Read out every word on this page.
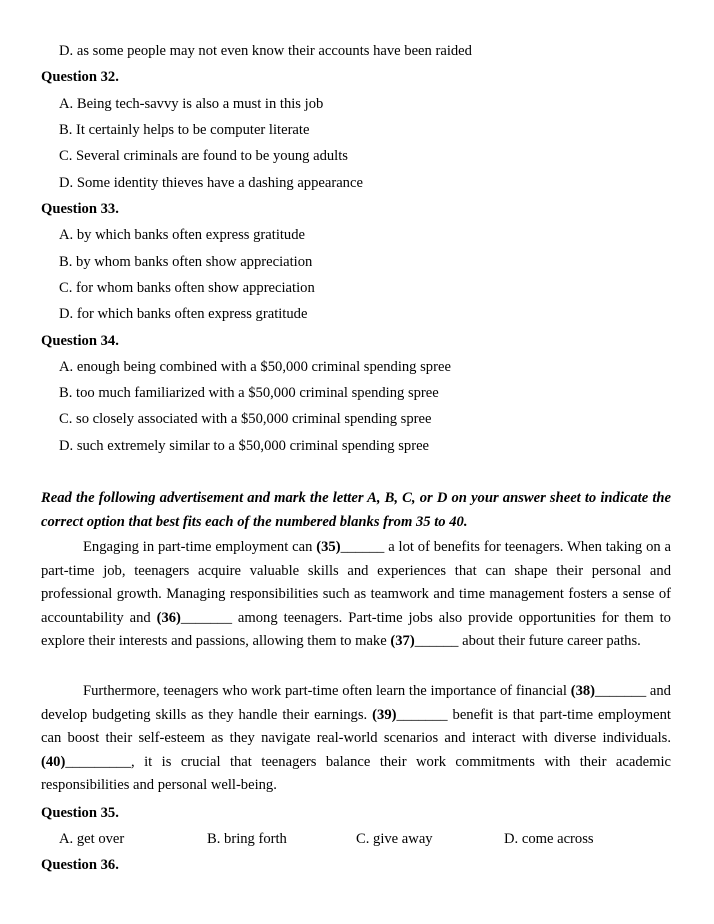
D. as some people may not even know their accounts have been raided
Question 32.
A. Being tech-savvy is also a must in this job
B. It certainly helps to be computer literate
C. Several criminals are found to be young adults
D. Some identity thieves have a dashing appearance
Question 33.
A. by which banks often express gratitude
B. by whom banks often show appreciation
C. for whom banks often show appreciation
D. for which banks often express gratitude
Question 34.
A. enough being combined with a $50,000 criminal spending spree
B. too much familiarized with a $50,000 criminal spending spree
C. so closely associated with a $50,000 criminal spending spree
D. such extremely similar to a $50,000 criminal spending spree
Read the following advertisement and mark the letter A, B, C, or D on your answer sheet to indicate the correct option that best fits each of the numbered blanks from 35 to 40.
Engaging in part-time employment can (35)______ a lot of benefits for teenagers. When taking on a part-time job, teenagers acquire valuable skills and experiences that can shape their personal and professional growth. Managing responsibilities such as teamwork and time management fosters a sense of accountability and (36)_______ among teenagers. Part-time jobs also provide opportunities for them to explore their interests and passions, allowing them to make (37)______ about their future career paths.
Furthermore, teenagers who work part-time often learn the importance of financial (38)_______ and develop budgeting skills as they handle their earnings. (39)_______ benefit is that part-time employment can boost their self-esteem as they navigate real-world scenarios and interact with diverse individuals. (40)_________, it is crucial that teenagers balance their work commitments with their academic responsibilities and personal well-being.
Question 35.
A. get over	B. bring forth	C. give away	D. come across
Question 36.
